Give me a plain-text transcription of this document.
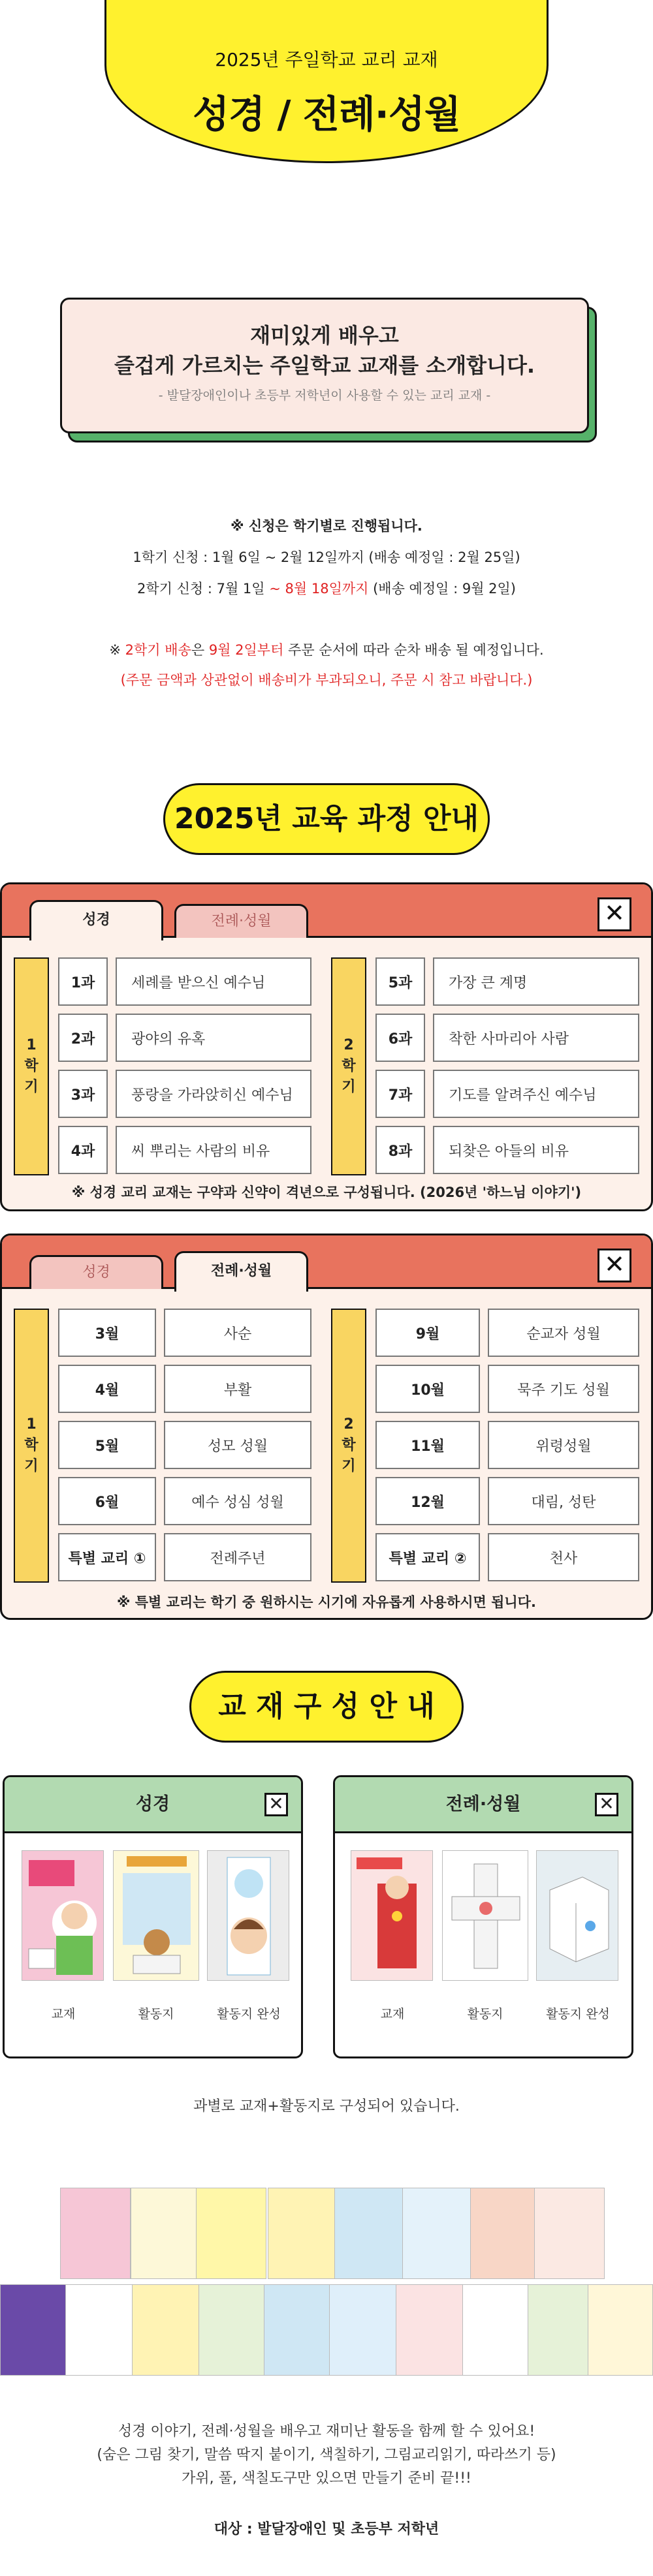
2025년 주일학교 교리 교재
성경 / 전례·성월
재미있게 배우고
즐겁게 가르치는 주일학교 교재를 소개합니다.
- 발달장애인이나 초등부 저학년이 사용할 수 있는 교리 교재 -
※ 신청은 학기별로 진행됩니다.
1학기 신청 : 1월 6일 ~ 2월 12일까지 (배송 예정일 : 2월 25일)
2학기 신청 : 7월 1일 ~ 8월 18일까지 (배송 예정일 : 9월 2일)
※ 2학기 배송은 9월 2일부터 주문 순서에 따라 순차 배송 될 예정입니다.
(주문 금액과 상관없이 배송비가 부과되오니, 주문 시 참고 바랍니다.)
2025년 교육 과정 안내
성경	전례·성월	✕
1
학
기
1과	세례를 받으신 예수님
2과	광야의 유혹
3과	풍랑을 가라앉히신 예수님
4과	씨 뿌리는 사람의 비유
2
학
기
5과	가장 큰 계명
6과	착한 사마리아 사람
7과	기도를 알려주신 예수님
8과	되찾은 아들의 비유
※ 성경 교리 교재는 구약과 신약이 격년으로 구성됩니다. (2026년 '하느님 이야기')
성경	전례·성월	✕
1
학
기
3월	사순
4월	부활
5월	성모 성월
6월	예수 성심 성월
특별 교리 ①	전례주년
2
학
기
9월	순교자 성월
10월	묵주 기도 성월
11월	위령성월
12월	대림, 성탄
특별 교리 ②	천사
※ 특별 교리는 학기 중 원하시는 시기에 자유롭게 사용하시면 됩니다.
교 재 구 성 안 내
성경	✕
교재	활동지	활동지 완성
전례·성월	✕
교재	활동지	활동지 완성
과별로 교재+활동지로 구성되어 있습니다.
성경 이야기, 전례·성월을 배우고 재미난 활동을 함께 할 수 있어요!
(숨은 그림 찾기, 말씀 딱지 붙이기, 색칠하기, 그림교리읽기, 따라쓰기 등)
가위, 풀, 색칠도구만 있으면 만들기 준비 끝!!!
대상 : 발달장애인 및 초등부 저학년
